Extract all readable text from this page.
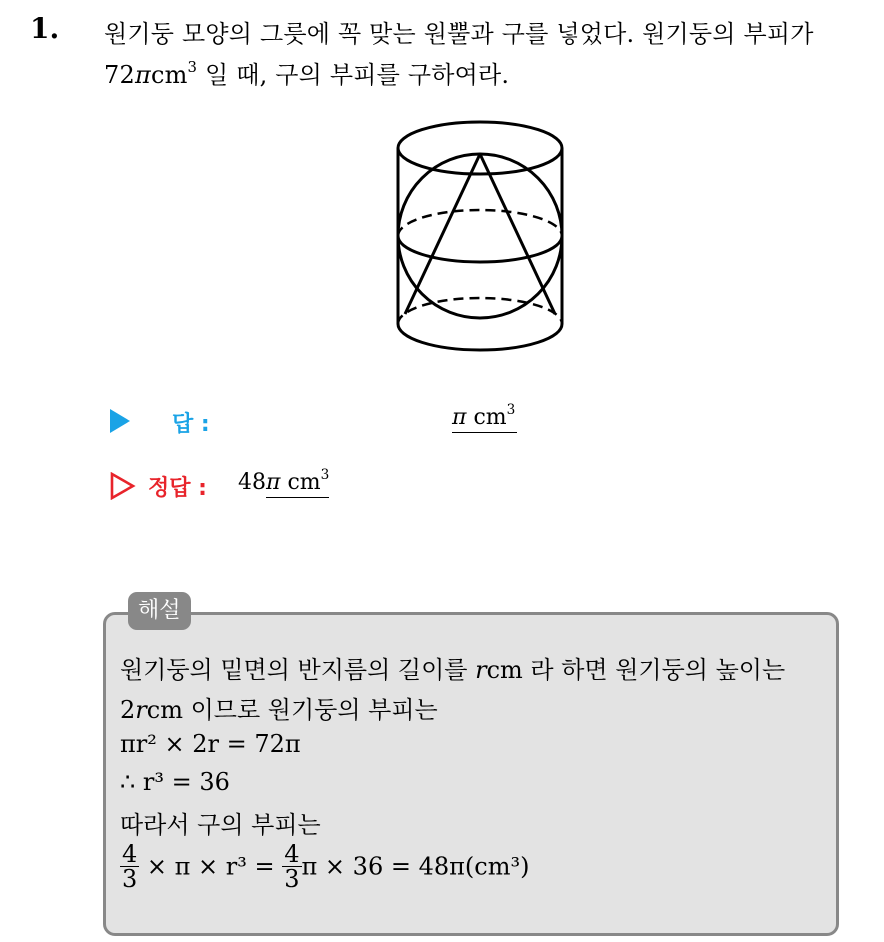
1. 원기둥 모양의 그릇에 꼭 맞는 원뿔과 구를 넣었다. 원기둥의 부피가
72πcm$^3$ 일 때, 구의 부피를 구하여라.
답 :	π $cm^3$
정답 : 48π $cm^3$
해설
원기둥의 밑면의 반지름의 길이를 rcm 라 하면 원기둥의 높이는
2rcm 이므로 원기둥의 부피는
πr² × 2r = 72π
∴ r³ = 36
따라서 구의 부피는
$\frac{4}{3} \times \pi \times r^3 = \frac{4}{3}$ π × 36 = 48π(cm³)
